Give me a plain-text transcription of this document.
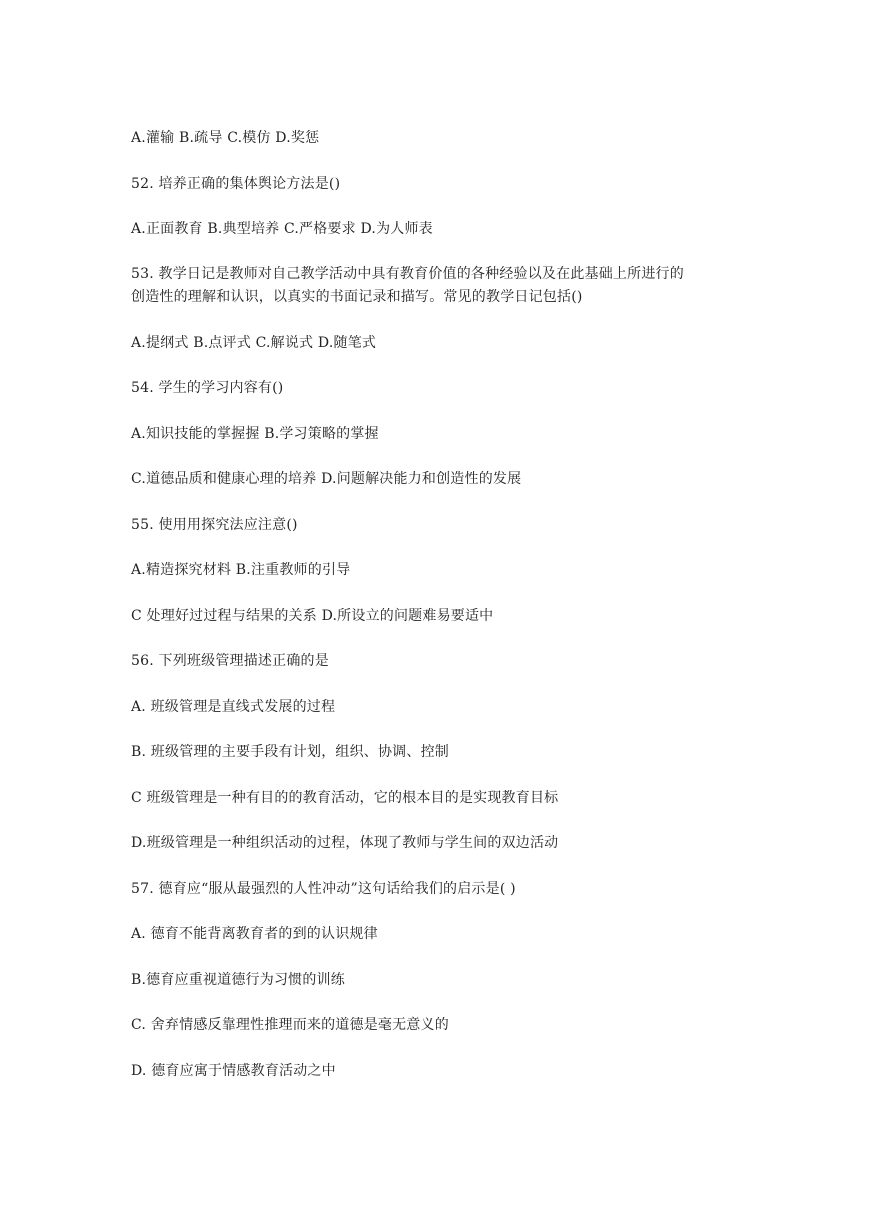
A.灌输 B.疏导 C.模仿 D.奖惩
52. 培养正确的集体舆论方法是()
A.正面教育 B.典型培养 C.严格要求 D.为人师表
53. 教学日记是教师对自己教学活动中具有教育价值的各种经验以及在此基础上所进行的
创造性的理解和认识，以真实的书面记录和描写。常见的教学日记包括()
A.提纲式 B.点评式 C.解说式 D.随笔式
54. 学生的学习内容有()
A.知识技能的掌握握 B.学习策略的掌握
C.道德品质和健康心理的培养 D.问题解决能力和创造性的发展
55. 使用用探究法应注意()
A.精造探究材料 B.注重教师的引导
C 处理好过过程与结果的关系 D.所设立的问题难易要适中
56. 下列班级管理描述正确的是
A. 班级管理是直线式发展的过程
B. 班级管理的主要手段有计划，组织、协调、控制
C 班级管理是一种有目的的教育活动，它的根本目的是实现教育目标
D.班级管理是一种组织活动的过程，体现了教师与学生间的双边活动
57. 德育应“服从最强烈的人性冲动”这句话给我们的启示是( )
A. 德育不能背离教育者的到的认识规律
B.德育应重视道德行为习惯的训练
C. 舍弃情感反靠理性推理而来的道德是毫无意义的
D. 德育应寓于情感教育活动之中
